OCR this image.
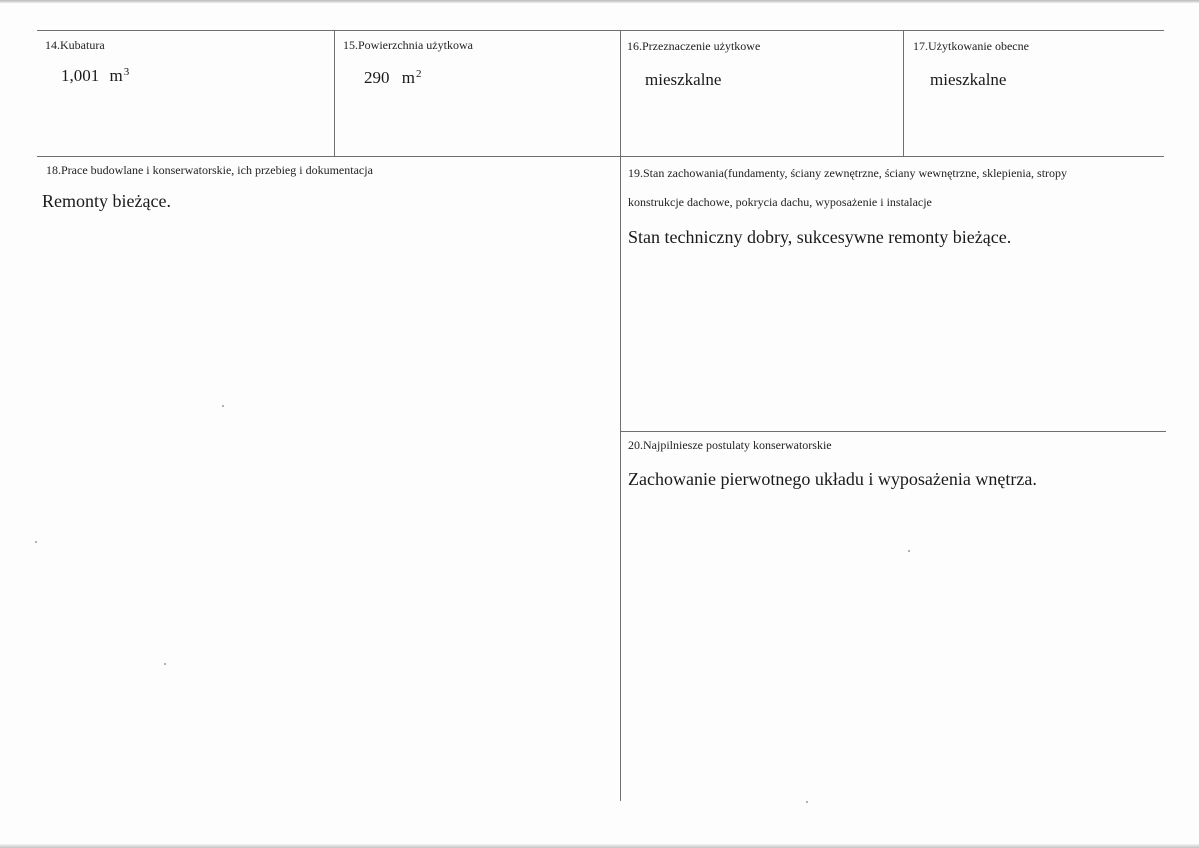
14.Kubatura
1,001 $m^3$
15.Powierzchnia użytkowa
290 $m^2$
16.Przeznaczenie użytkowe
mieszkalne
17.Użytkowanie obecne
mieszkalne
18.Prace budowlane i konserwatorskie, ich przebieg i dokumentacja
Remonty bieżące.
19.Stan zachowania(fundamenty, ściany zewnętrzne, ściany wewnętrzne, sklepienia, stropy
konstrukcje dachowe, pokrycia dachu, wyposażenie i instalacje
Stan techniczny dobry, sukcesywne remonty bieżące.
20.Najpilniesze postulaty konserwatorskie
Zachowanie pierwotnego układu i wyposażenia wnętrza.
